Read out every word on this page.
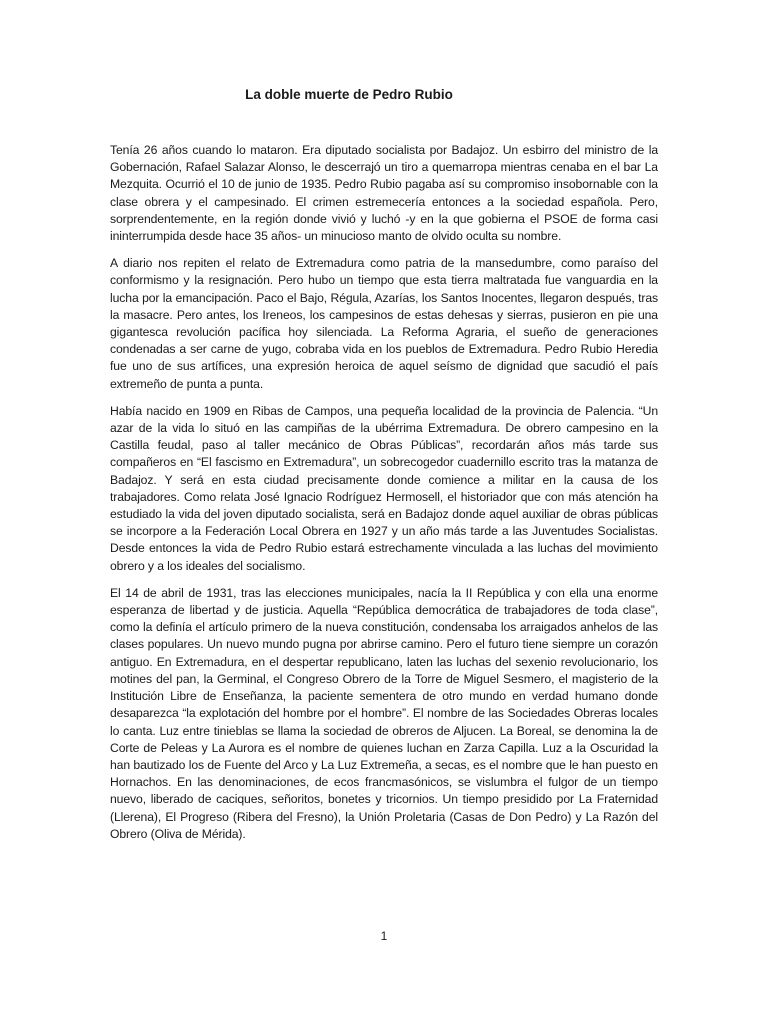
La doble muerte de Pedro Rubio

Tenía 26 años cuando lo mataron. Era diputado socialista por Badajoz. Un esbirro del ministro de la Gobernación, Rafael Salazar Alonso, le descerrajó un tiro a quemarropa mientras cenaba en el bar La Mezquita. Ocurrió el 10 de junio de 1935. Pedro Rubio pagaba así su compromiso insobornable con la clase obrera y el campesinado. El crimen estremecería entonces a la sociedad española. Pero, sorprendentemente, en la región donde vivió y luchó -y en la que gobierna el PSOE de forma casi ininterrumpida desde hace 35 años- un minucioso manto de olvido oculta su nombre.

A diario nos repiten el relato de Extremadura como patria de la mansedumbre, como paraíso del conformismo y la resignación. Pero hubo un tiempo que esta tierra maltratada fue vanguardia en la lucha por la emancipación. Paco el Bajo, Régula, Azarías, los Santos Inocentes, llegaron después, tras la masacre. Pero antes, los Ireneos, los campesinos de estas dehesas y sierras, pusieron en pie una gigantesca revolución pacífica hoy silenciada. La Reforma Agraria, el sueño de generaciones condenadas a ser carne de yugo, cobraba vida en los pueblos de Extremadura. Pedro Rubio Heredia fue uno de sus artífices, una expresión heroica de aquel seísmo de dignidad que sacudió el país extremeño de punta a punta.

Había nacido en 1909 en Ribas de Campos, una pequeña localidad de la provincia de Palencia. “Un azar de la vida lo situó en las campiñas de la ubérrima Extremadura. De obrero campesino en la Castilla feudal, paso al taller mecánico de Obras Públicas”, recordarán años más tarde sus compañeros en “El fascismo en Extremadura”, un sobrecogedor cuadernillo escrito tras la matanza de Badajoz. Y será en esta ciudad precisamente donde comience a militar en la causa de los trabajadores. Como relata José Ignacio Rodríguez Hermosell, el historiador que con más atención ha estudiado la vida del joven diputado socialista, será en Badajoz donde aquel auxiliar de obras públicas se incorpore a la Federación Local Obrera en 1927 y un año más tarde a las Juventudes Socialistas. Desde entonces la vida de Pedro Rubio estará estrechamente vinculada a las luchas del movimiento obrero y a los ideales del socialismo.

El 14 de abril de 1931, tras las elecciones municipales, nacía la II República y con ella una enorme esperanza de libertad y de justicia. Aquella “República democrática de trabajadores de toda clase”, como la definía el artículo primero de la nueva constitución, condensaba los arraigados anhelos de las clases populares. Un nuevo mundo pugna por abrirse camino. Pero el futuro tiene siempre un corazón antiguo. En Extremadura, en el despertar republicano, laten las luchas del sexenio revolucionario, los motines del pan, la Germinal, el Congreso Obrero de la Torre de Miguel Sesmero, el magisterio de la Institución Libre de Enseñanza, la paciente sementera de otro mundo en verdad humano donde desaparezca “la explotación del hombre por el hombre”. El nombre de las Sociedades Obreras locales lo canta. Luz entre tinieblas se llama la sociedad de obreros de Aljucen. La Boreal, se denomina la de Corte de Peleas y La Aurora es el nombre de quienes luchan en Zarza Capilla. Luz a la Oscuridad la han bautizado los de Fuente del Arco y La Luz Extremeña, a secas, es el nombre que le han puesto en Hornachos. En las denominaciones, de ecos francmasónicos, se vislumbra el fulgor de un tiempo nuevo, liberado de caciques, señoritos, bonetes y tricornios. Un tiempo presidido por La Fraternidad (Llerena), El Progreso (Ribera del Fresno), la Unión Proletaria (Casas de Don Pedro) y La Razón del Obrero (Oliva de Mérida).

1
